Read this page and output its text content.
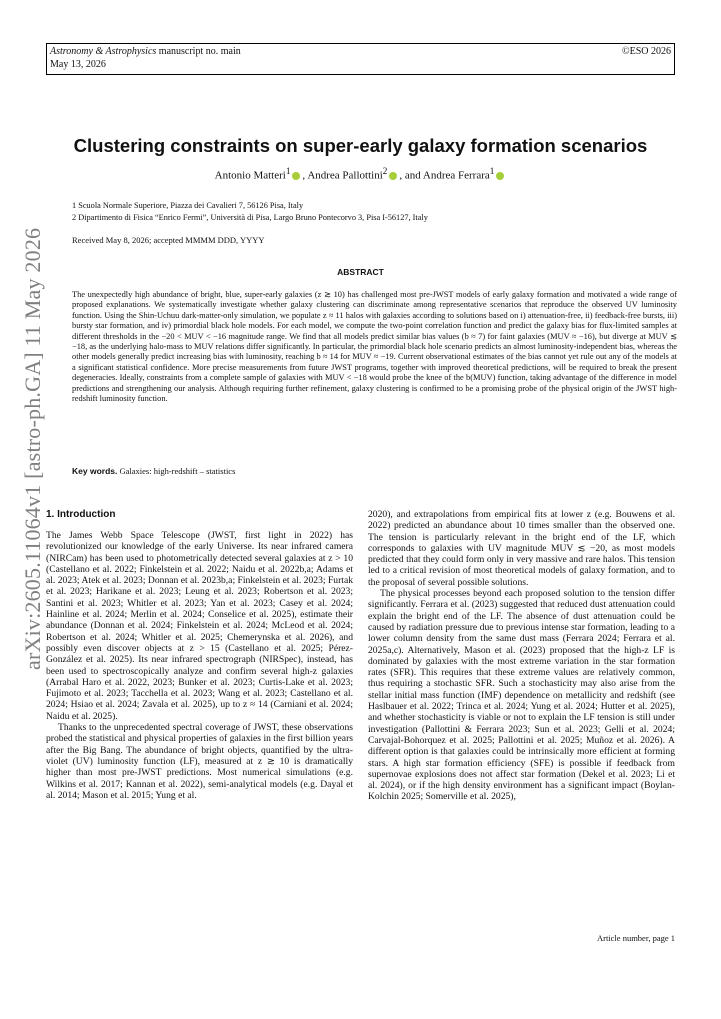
Astronomy & Astrophysics manuscript no. main
May 13, 2026
©ESO 2026
arXiv:2605.11064v1 [astro-ph.GA] 11 May 2026
Clustering constraints on super-early galaxy formation scenarios
Antonio Matteri$^1$ , Andrea Pallottini$^2$ , and Andrea Ferrara$^1$
1 Scuola Normale Superiore, Piazza dei Cavalieri 7, 56126 Pisa, Italy
2 Dipartimento di Fisica “Enrico Fermi”, Università di Pisa, Largo Bruno Pontecorvo 3, Pisa I-56127, Italy
Received May 8, 2026; accepted MMMM DDD, YYYY
ABSTRACT
The unexpectedly high abundance of bright, blue, super-early galaxies (z ≳ 10) has challenged most pre-JWST models of early galaxy formation and motivated a wide range of proposed explanations. We systematically investigate whether galaxy clustering can discriminate among representative scenarios that reproduce the observed UV luminosity function. Using the Shin-Uchuu dark-matter-only simulation, we populate z ≈ 11 halos with galaxies according to solutions based on i) attenuation-free, ii) feedback-free bursts, iii) bursty star formation, and iv) primordial black hole models. For each model, we compute the two-point correlation function and predict the galaxy bias for flux-limited samples at different thresholds in the −20 < MUV < −16 magnitude range. We find that all models predict similar bias values (b ≈ 7) for faint galaxies (MUV ≈ −16), but diverge at MUV ≲ −18, as the underlying halo-mass to MUV relations differ significantly. In particular, the primordial black hole scenario predicts an almost luminosity-independent bias, whereas the other models generally predict increasing bias with luminosity, reaching b ≈ 14 for MUV ≈ −19. Current observational estimates of the bias cannot yet rule out any of the models at a significant statistical confidence. More precise measurements from future JWST programs, together with improved theoretical predictions, will be required to break the present degeneracies. Ideally, constraints from a complete sample of galaxies with MUV < −18 would probe the knee of the b(MUV) function, taking advantage of the difference in model predictions and strengthening our analysis. Although requiring further refinement, galaxy clustering is confirmed to be a promising probe of the physical origin of the JWST high-redshift luminosity function.
Key words. Galaxies: high-redshift – statistics
1. Introduction

The James Webb Space Telescope (JWST, first light in 2022) has revolutionized our knowledge of the early Universe. Its near infrared camera (NIRCam) has been used to photometrically detected several galaxies at z > 10 (Castellano et al. 2022; Finkelstein et al. 2022; Naidu et al. 2022b,a; Adams et al. 2023; Atek et al. 2023; Donnan et al. 2023b,a; Finkelstein et al. 2023; Furtak et al. 2023; Harikane et al. 2023; Leung et al. 2023; Robertson et al. 2023; Santini et al. 2023; Whitler et al. 2023; Yan et al. 2023; Casey et al. 2024; Hainline et al. 2024; Merlin et al. 2024; Conselice et al. 2025), estimate their abundance (Donnan et al. 2024; Finkelstein et al. 2024; McLeod et al. 2024; Robertson et al. 2024; Whitler et al. 2025; Chemerynska et al. 2026), and possibly even discover objects at z > 15 (Castellano et al. 2025; Pérez-González et al. 2025). Its near infrared spectrograph (NIRSpec), instead, has been used to spectroscopically analyze and confirm several high-z galaxies (Arrabal Haro et al. 2022, 2023; Bunker et al. 2023; Curtis-Lake et al. 2023; Fujimoto et al. 2023; Tacchella et al. 2023; Wang et al. 2023; Castellano et al. 2024; Hsiao et al. 2024; Zavala et al. 2025), up to z ≈ 14 (Carniani et al. 2024; Naidu et al. 2025).

Thanks to the unprecedented spectral coverage of JWST, these observations probed the statistical and physical properties of galaxies in the first billion years after the Big Bang. The abundance of bright objects, quantified by the ultra-violet (UV) luminosity function (LF), measured at z ≳ 10 is dramatically higher than most pre-JWST predictions. Most numerical simulations (e.g. Wilkins et al. 2017; Kannan et al. 2022), semi-analytical models (e.g. Dayal et al. 2014; Mason et al. 2015; Yung et al.

2020), and extrapolations from empirical fits at lower z (e.g. Bouwens et al. 2022) predicted an abundance about 10 times smaller than the observed one. The tension is particularly relevant in the bright end of the LF, which corresponds to galaxies with UV magnitude MUV ≲ −20, as most models predicted that they could form only in very massive and rare halos. This tension led to a critical revision of most theoretical models of galaxy formation, and to the proposal of several possible solutions.

The physical processes beyond each proposed solution to the tension differ significantly. Ferrara et al. (2023) suggested that reduced dust attenuation could explain the bright end of the LF. The absence of dust attenuation could be caused by radiation pressure due to previous intense star formation, leading to a lower column density from the same dust mass (Ferrara 2024; Ferrara et al. 2025a,c). Alternatively, Mason et al. (2023) proposed that the high-z LF is dominated by galaxies with the most extreme variation in the star formation rates (SFR). This requires that these extreme values are relatively common, thus requiring a stochastic SFR. Such a stochasticity may also arise from the stellar initial mass function (IMF) dependence on metallicity and redshift (see Haslbauer et al. 2022; Trinca et al. 2024; Yung et al. 2024; Hutter et al. 2025), and whether stochasticity is viable or not to explain the LF tension is still under investigation (Pallottini & Ferrara 2023; Sun et al. 2023; Gelli et al. 2024; Carvajal-Bohorquez et al. 2025; Pallottini et al. 2025; Muñoz et al. 2026). A different option is that galaxies could be intrinsically more efficient at forming stars. A high star formation efficiency (SFE) is possible if feedback from supernovae explosions does not affect star formation (Dekel et al. 2023; Li et al. 2024), or if the high density environment has a significant impact (Boylan-Kolchin 2025; Somerville et al. 2025),

Article number, page 1
